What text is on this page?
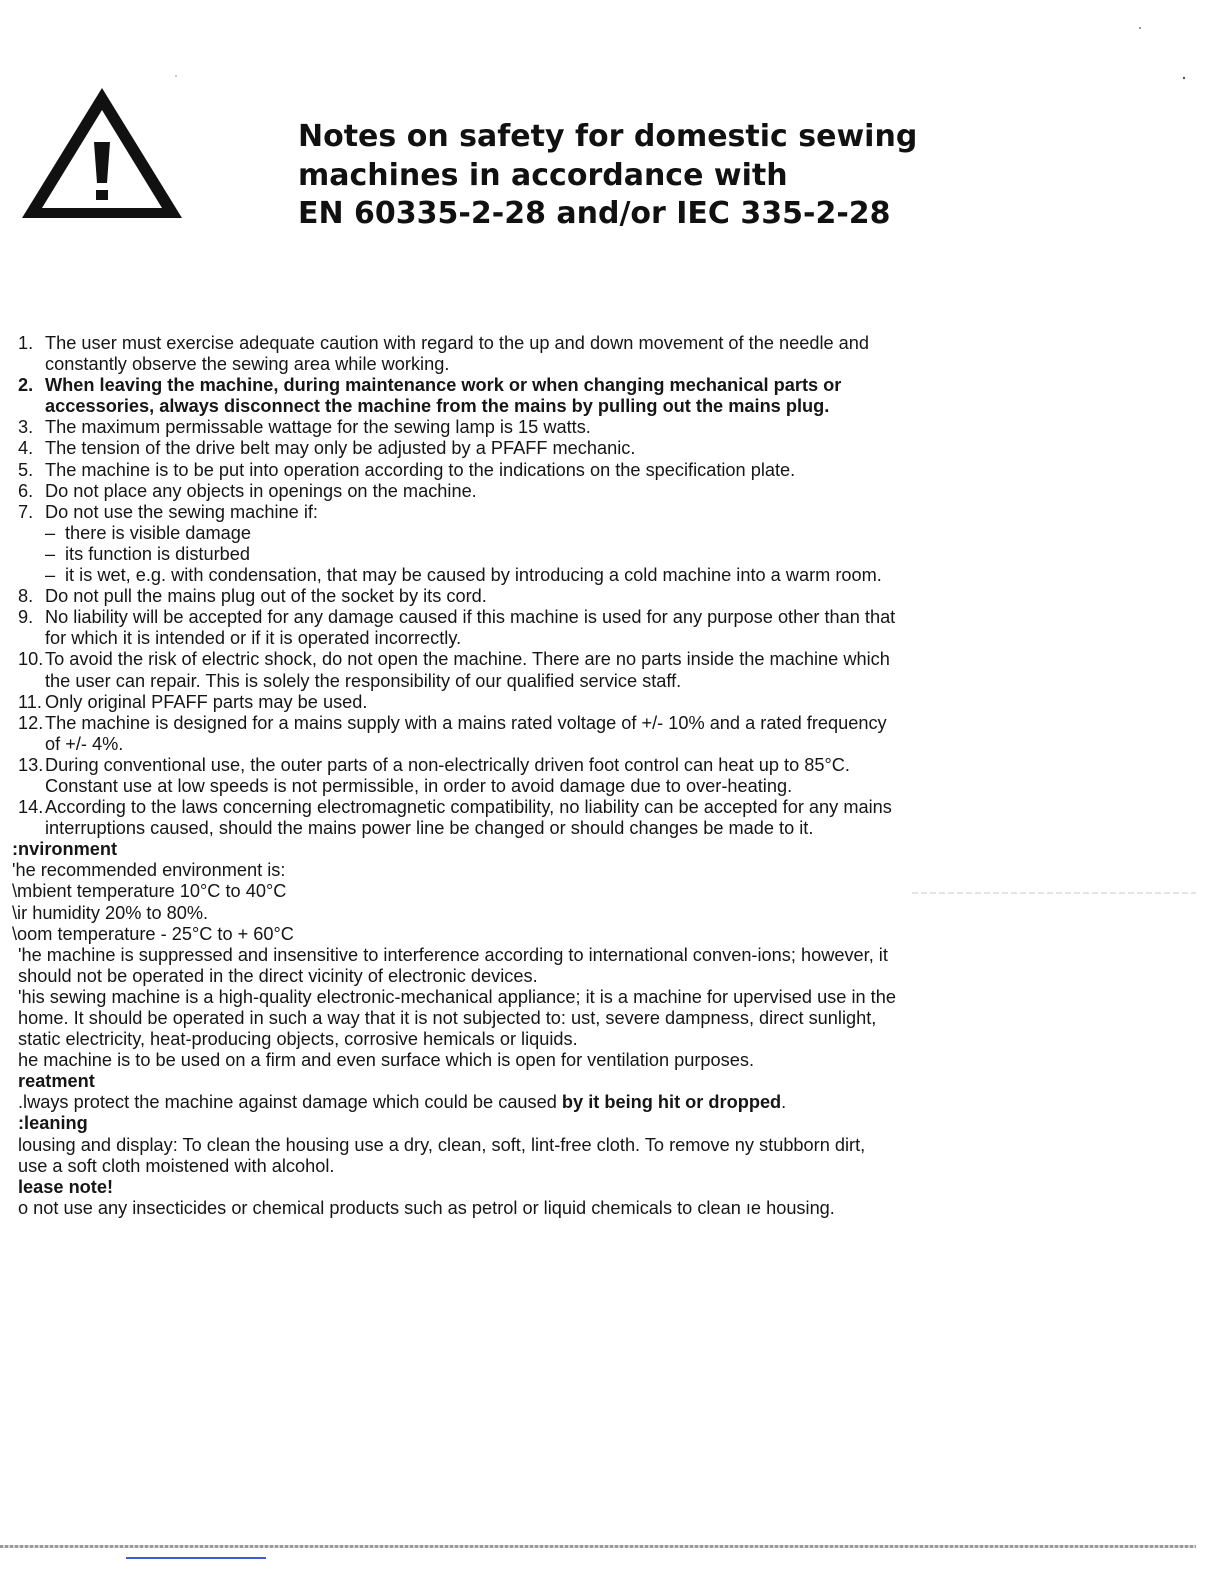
Notes on safety for domestic sewing
machines in accordance with
EN 60335-2-28 and/or IEC 335-2-28
1. The user must exercise adequate caution with regard to the up and down movement of the needle and constantly observe the sewing area while working.
2. When leaving the machine, during maintenance work or when changing mechanical parts or accessories, always disconnect the machine from the mains by pulling out the mains plug.
3. The maximum permissable wattage for the sewing lamp is 15 watts.
4. The tension of the drive belt may only be adjusted by a PFAFF mechanic.
5. The machine is to be put into operation according to the indications on the specification plate.
6. Do not place any objects in openings on the machine.
7. Do not use the sewing machine if:
– there is visible damage
– its function is disturbed
– it is wet, e.g. with condensation, that may be caused by introducing a cold machine into a warm room.
8. Do not pull the mains plug out of the socket by its cord.
9. No liability will be accepted for any damage caused if this machine is used for any purpose other than that for which it is intended or if it is operated incorrectly.
10. To avoid the risk of electric shock, do not open the machine. There are no parts inside the machine which the user can repair. This is solely the responsibility of our qualified service staff.
11. Only original PFAFF parts may be used.
12. The machine is designed for a mains supply with a mains rated voltage of +/- 10% and a rated frequency of +/- 4%.
13. During conventional use, the outer parts of a non-electrically driven foot control can heat up to 85°C. Constant use at low speeds is not permissible, in order to avoid damage due to over-heating.
14. According to the laws concerning electromagnetic compatibility, no liability can be accepted for any mains interruptions caused, should the mains power line be changed or should changes be made to it.
:nvironment
'he recommended environment is:
\mbient temperature 10°C to 40°C
\ir humidity 20% to 80%.
\oom temperature - 25°C to + 60°C
'he machine is suppressed and insensitive to interference according to international conven-ions; however, it should not be operated in the direct vicinity of electronic devices.
'his sewing machine is a high-quality electronic-mechanical appliance; it is a machine for upervised use in the home. It should be operated in such a way that it is not subjected to: ust, severe dampness, direct sunlight, static electricity, heat-producing objects, corrosive hemicals or liquids.
he machine is to be used on a firm and even surface which is open for ventilation purposes.
reatment
.lways protect the machine against damage which could be caused by it being hit or dropped.
:leaning
lousing and display: To clean the housing use a dry, clean, soft, lint-free cloth. To remove ny stubborn dirt, use a soft cloth moistened with alcohol.
lease note!
o not use any insecticides or chemical products such as petrol or liquid chemicals to clean ıe housing.
